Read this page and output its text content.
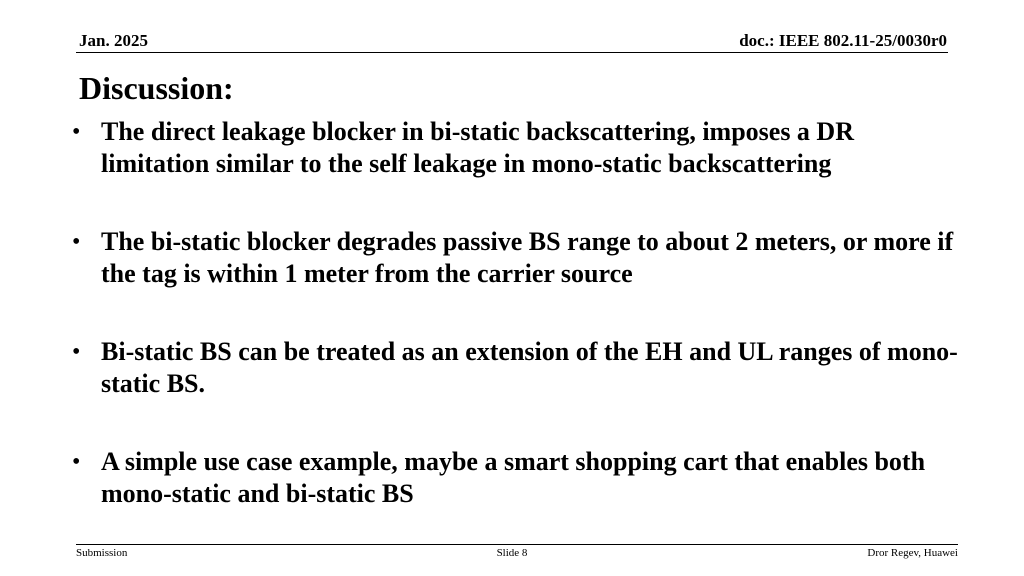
Jan. 2025	doc.: IEEE 802.11-25/0030r0
Discussion:
• The direct leakage blocker in bi-static backscattering, imposes a DR limitation similar to the self leakage in mono-static backscattering
• The bi-static blocker degrades passive BS range to about 2 meters, or more if the tag is within 1 meter from the carrier source
• Bi-static BS can be treated as an extension of the EH and UL ranges of mono-static BS.
• A simple use case example, maybe a smart shopping cart that enables both mono-static and bi-static BS
Submission	Slide 8	Dror Regev, Huawei
